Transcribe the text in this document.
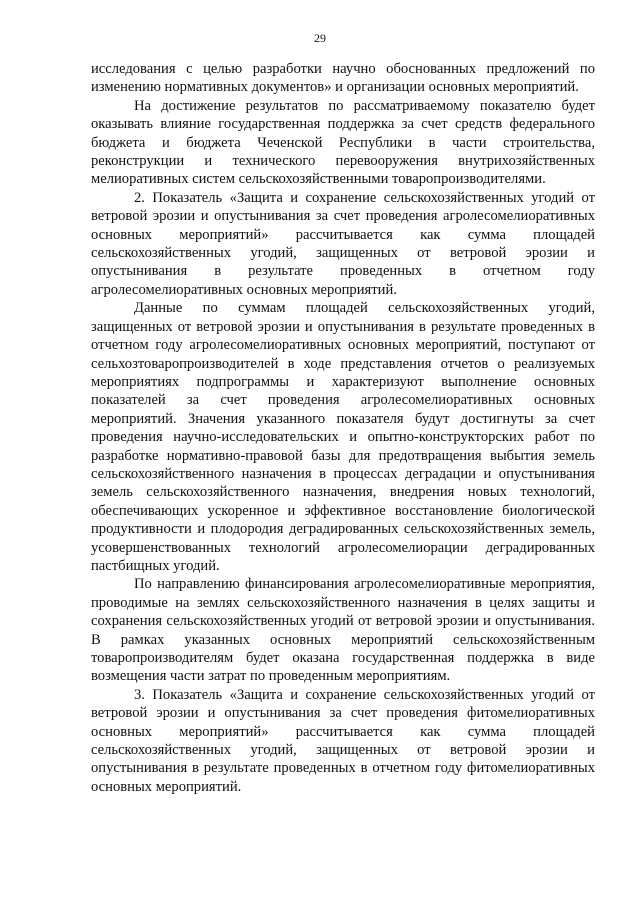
29

исследования с целью разработки научно обоснованных предложений по изменению нормативных документов» и организации основных мероприятий.

На достижение результатов по рассматриваемому показателю будет оказывать влияние государственная поддержка за счет средств федерального бюджета и бюджета Чеченской Республики в части строительства, реконструкции и технического перевооружения внутрихозяйственных мелиоративных систем сельскохозяйственными товаропроизводителями.

2. Показатель «Защита и сохранение сельскохозяйственных угодий от ветровой эрозии и опустынивания за счет проведения агролесомелиоративных основных мероприятий» рассчитывается как сумма площадей сельскохозяйственных угодий, защищенных от ветровой эрозии и опустынивания в результате проведенных в отчетном году агролесомелиоративных основных мероприятий.

Данные по суммам площадей сельскохозяйственных угодий, защищенных от ветровой эрозии и опустынивания в результате проведенных в отчетном году агролесомелиоративных основных мероприятий, поступают от сельхозтоваропроизводителей в ходе представления отчетов о реализуемых мероприятиях подпрограммы и характеризуют выполнение основных показателей за счет проведения агролесомелиоративных основных мероприятий. Значения указанного показателя будут достигнуты за счет проведения научно-исследовательских и опытно-конструкторских работ по разработке нормативно-правовой базы для предотвращения выбытия земель сельскохозяйственного назначения в процессах деградации и опустынивания земель сельскохозяйственного назначения, внедрения новых технологий, обеспечивающих ускоренное и эффективное восстановление биологической продуктивности и плодородия деградированных сельскохозяйственных земель, усовершенствованных технологий агролесомелиорации деградированных пастбищных угодий.

По направлению финансирования агролесомелиоративные мероприятия, проводимые на землях сельскохозяйственного назначения в целях защиты и сохранения сельскохозяйственных угодий от ветровой эрозии и опустынивания. В рамках указанных основных мероприятий сельскохозяйственным товаропроизводителям будет оказана государственная поддержка в виде возмещения части затрат по проведенным мероприятиям.

3. Показатель «Защита и сохранение сельскохозяйственных угодий от ветровой эрозии и опустынивания за счет проведения фитомелиоративных основных мероприятий» рассчитывается как сумма площадей сельскохозяйственных угодий, защищенных от ветровой эрозии и опустынивания в результате проведенных в отчетном году фитомелиоративных основных мероприятий.
